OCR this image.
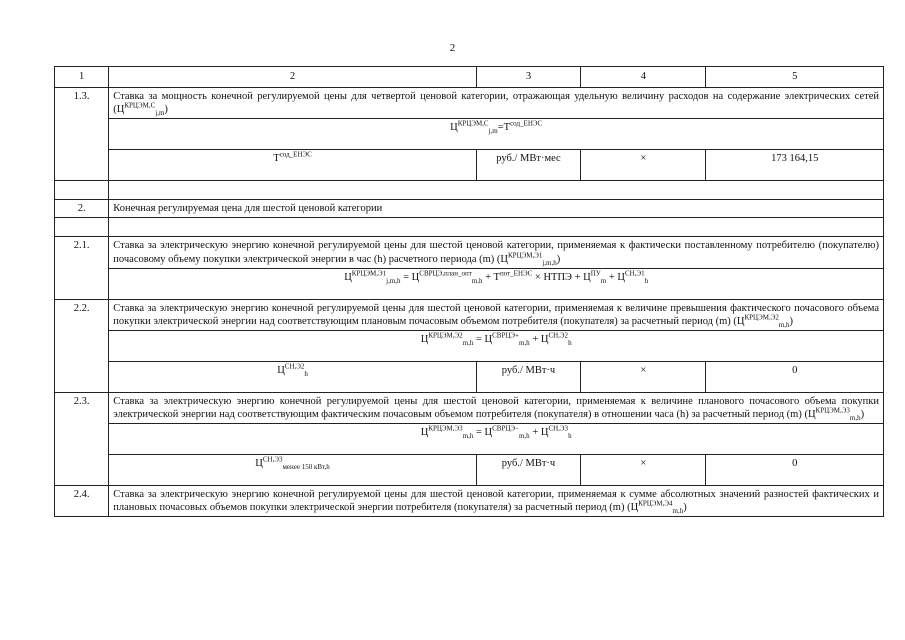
2
1	2	3	4	5
1.3.	Ставка за мощность конечной регулируемой цены для четвертой ценовой категории, отражающая удельную величину расходов на содержание электрических сетей $(Ц^{КРЦЭМ,С}_{j,m})$			
	$Ц^{КРЦЭМ,С}_{j,m}=T^{сод\_ЕНЭС}$
	$T^{сод\_ЕНЭС}$	руб./ МВт·мес	×	173 164,15

2.	Конечная регулируемая цена для шестой ценовой категории			

2.1.	Ставка за электрическую энергию конечной регулируемой цены для шестой ценовой категории, применяемая к фактически поставленному потребителю (покупателю) почасовому объему покупки электрической энергии в час (h) расчетного периода (m) $(Ц^{КРЦЭМ,Э1}_{j,m,h})$			
	$Ц^{КРЦЭМ,Э1}_{j,m,h} = Ц^{СВРЦЭ,план\_опт}_{m,h} + T^{пот\_ЕНЭС}$ × НТПЭ + $Ц^{ПУ}_m + Ц^{СН,Э1}_h$
2.2.	Ставка за электрическую энергию конечной регулируемой цены для шестой ценовой категории, применяемая к величине превышения фактического почасового объема покупки электрической энергии над соответствующим плановым почасовым объемом потребителя (покупателя) за расчетный период (m) $(Ц^{КРЦЭМ,Э2}_{m,h})$			
	$Ц^{КРЦЭМ,Э2}_{m,h} = Ц^{СВРЦЭ+}_{m,h} + Ц^{СН,Э2}_h$
	$Ц^{СН,Э2}_h$	руб./ МВт·ч	×	0
2.3.	Ставка за электрическую энергию конечной регулируемой цены для шестой ценовой категории, применяемая к величине планового почасового объема покупки электрической энергии над соответствующим фактическим почасовым объемом потребителя (покупателя) в отношении часа (h) за расчетный период (m) $(Ц^{КРЦЭМ,Э3}_{m,h})$			
	$Ц^{КРЦЭМ,Э3}_{m,h} = Ц^{СВРЦЭ-}_{m,h} + Ц^{СН,Э3}_h$
	$Ц^{СН,Э3}_{менее 150 кВт,h}$	руб./ МВт·ч	×	0
2.4.	Ставка за электрическую энергию конечной регулируемой цены для шестой ценовой категории, применяемая к сумме абсолютных значений разностей фактических и плановых почасовых объемов покупки электрической энергии потребителя (покупателя) за расчетный период (m) $(Ц^{КРЦЭМ,Э4}_{m,h})$			
